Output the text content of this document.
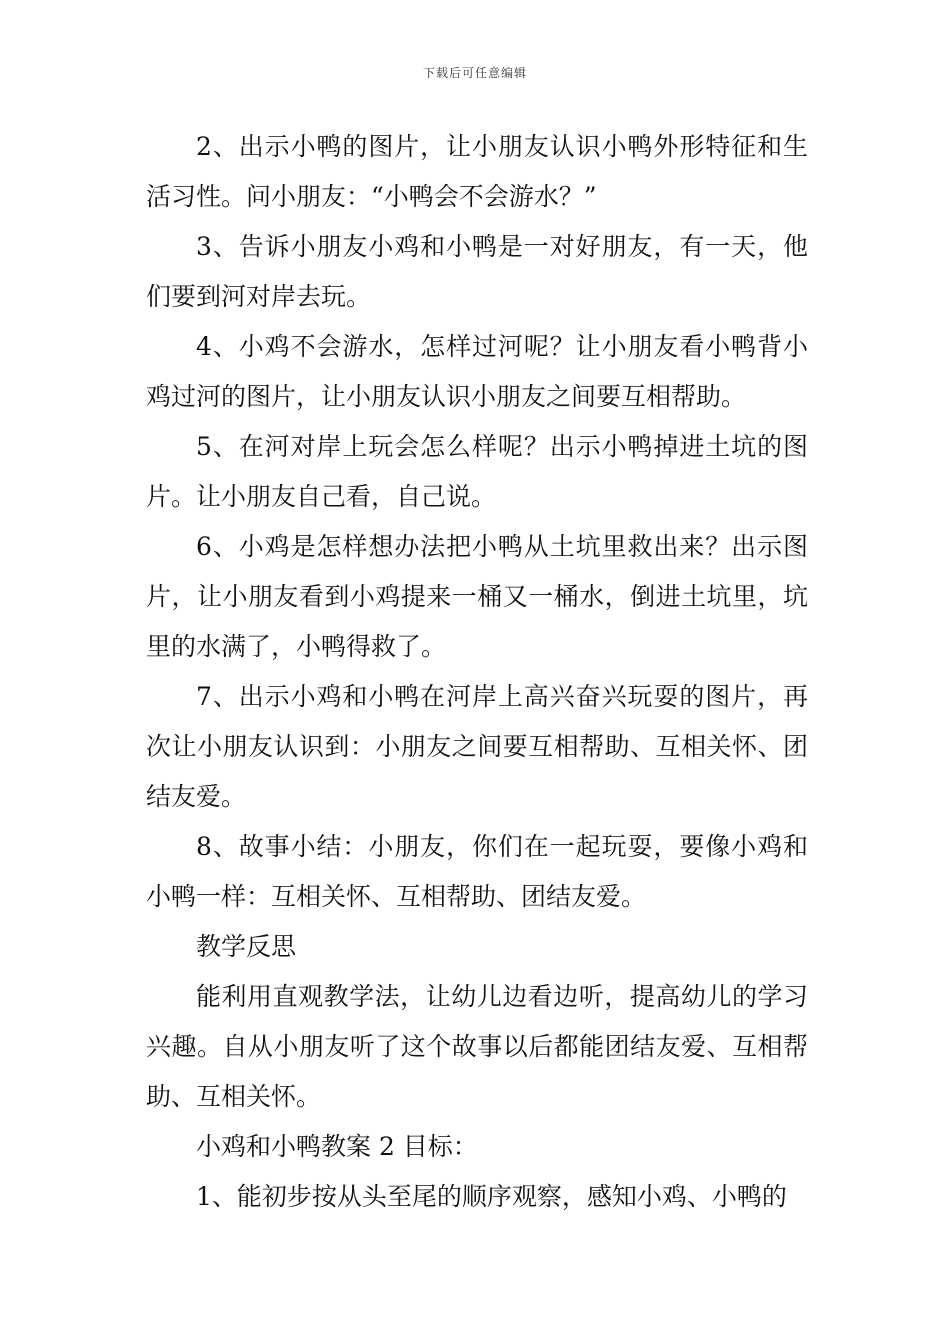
下载后可任意编辑

2、出示小鸭的图片，让小朋友认识小鸭外形特征和生活习性。问小朋友：“小鸭会不会游水？”

3、告诉小朋友小鸡和小鸭是一对好朋友，有一天，他们要到河对岸去玩。

4、小鸡不会游水，怎样过河呢？让小朋友看小鸭背小鸡过河的图片，让小朋友认识小朋友之间要互相帮助。

5、在河对岸上玩会怎么样呢？出示小鸭掉进土坑的图片。让小朋友自己看，自己说。

6、小鸡是怎样想办法把小鸭从土坑里救出来？出示图片，让小朋友看到小鸡提来一桶又一桶水，倒进土坑里，坑里的水满了，小鸭得救了。

7、出示小鸡和小鸭在河岸上高兴奋兴玩耍的图片，再次让小朋友认识到：小朋友之间要互相帮助、互相关怀、团结友爱。

8、故事小结：小朋友，你们在一起玩耍，要像小鸡和小鸭一样：互相关怀、互相帮助、团结友爱。

教学反思

能利用直观教学法，让幼儿边看边听，提高幼儿的学习兴趣。自从小朋友听了这个故事以后都能团结友爱、互相帮助、互相关怀。

小鸡和小鸭教案 2 目标：

1、能初步按从头至尾的顺序观察，感知小鸡、小鸭的
